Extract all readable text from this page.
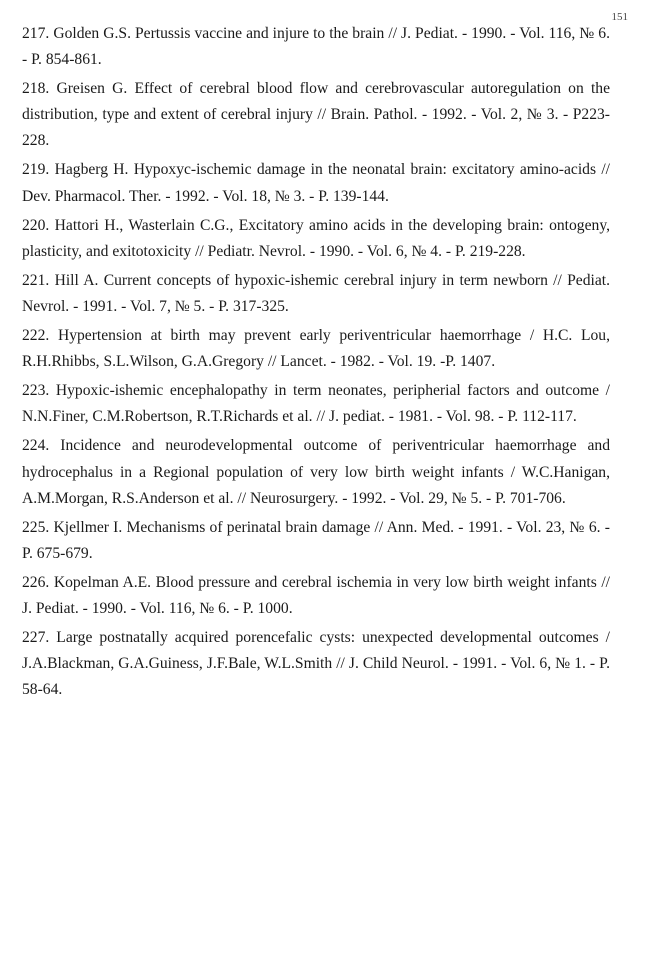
151

217. Golden G.S. Pertussis vaccine and injure to the brain // J. Pediat. - 1990. - Vol. 116, № 6. - P. 854-861.

218. Greisen G. Effect of cerebral blood flow and cerebrovascular autoregulation on the distribution, type and extent of cerebral injury // Brain. Pathol. - 1992. - Vol. 2, № 3. - P223-228.

219. Hagberg H. Hypoxyc-ischemic damage in the neonatal brain: excitatory amino-acids // Dev. Pharmacol. Ther. - 1992. - Vol. 18, № 3. - P. 139-144.

220. Hattori H., Wasterlain C.G., Excitatory amino acids in the developing brain: ontogeny, plasticity, and exitotoxicity // Pediatr. Nevrol. - 1990. - Vol. 6, № 4. - P. 219-228.

221. Hill A. Current concepts of hypoxic-ishemic cerebral injury in term newborn // Pediat. Nevrol. - 1991. - Vol. 7, № 5. - P. 317-325.

222. Hypertension at birth may prevent early periventricular haemorrhage / H.C. Lou, R.H.Rhibbs, S.L.Wilson, G.A.Gregory // Lancet. - 1982. - Vol. 19. -P. 1407.

223. Hypoxic-ishemic encephalopathy in term neonates, peripherial factors and outcome / N.N.Finer, C.M.Robertson, R.T.Richards et al. // J. pediat. - 1981. - Vol. 98. - P. 112-117.

224. Incidence and neurodevelopmental outcome of periventricular haemorrhage and hydrocephalus in a Regional population of very low birth weight infants / W.C.Hanigan, A.M.Morgan, R.S.Anderson et al. // Neurosurgery. - 1992. - Vol. 29, № 5. - P. 701-706.

225. Kjellmer I. Mechanisms of perinatal brain damage // Ann. Med. - 1991. - Vol. 23, № 6. - P. 675-679.

226. Kopelman A.E. Blood pressure and cerebral ischemia in very low birth weight infants // J. Pediat. - 1990. - Vol. 116, № 6. - P. 1000.

227. Large postnatally acquired porencefalic cysts: unexpected developmental outcomes / J.A.Blackman, G.A.Guiness, J.F.Bale, W.L.Smith // J. Child Neurol. - 1991. - Vol. 6, № 1. - P. 58-64.
